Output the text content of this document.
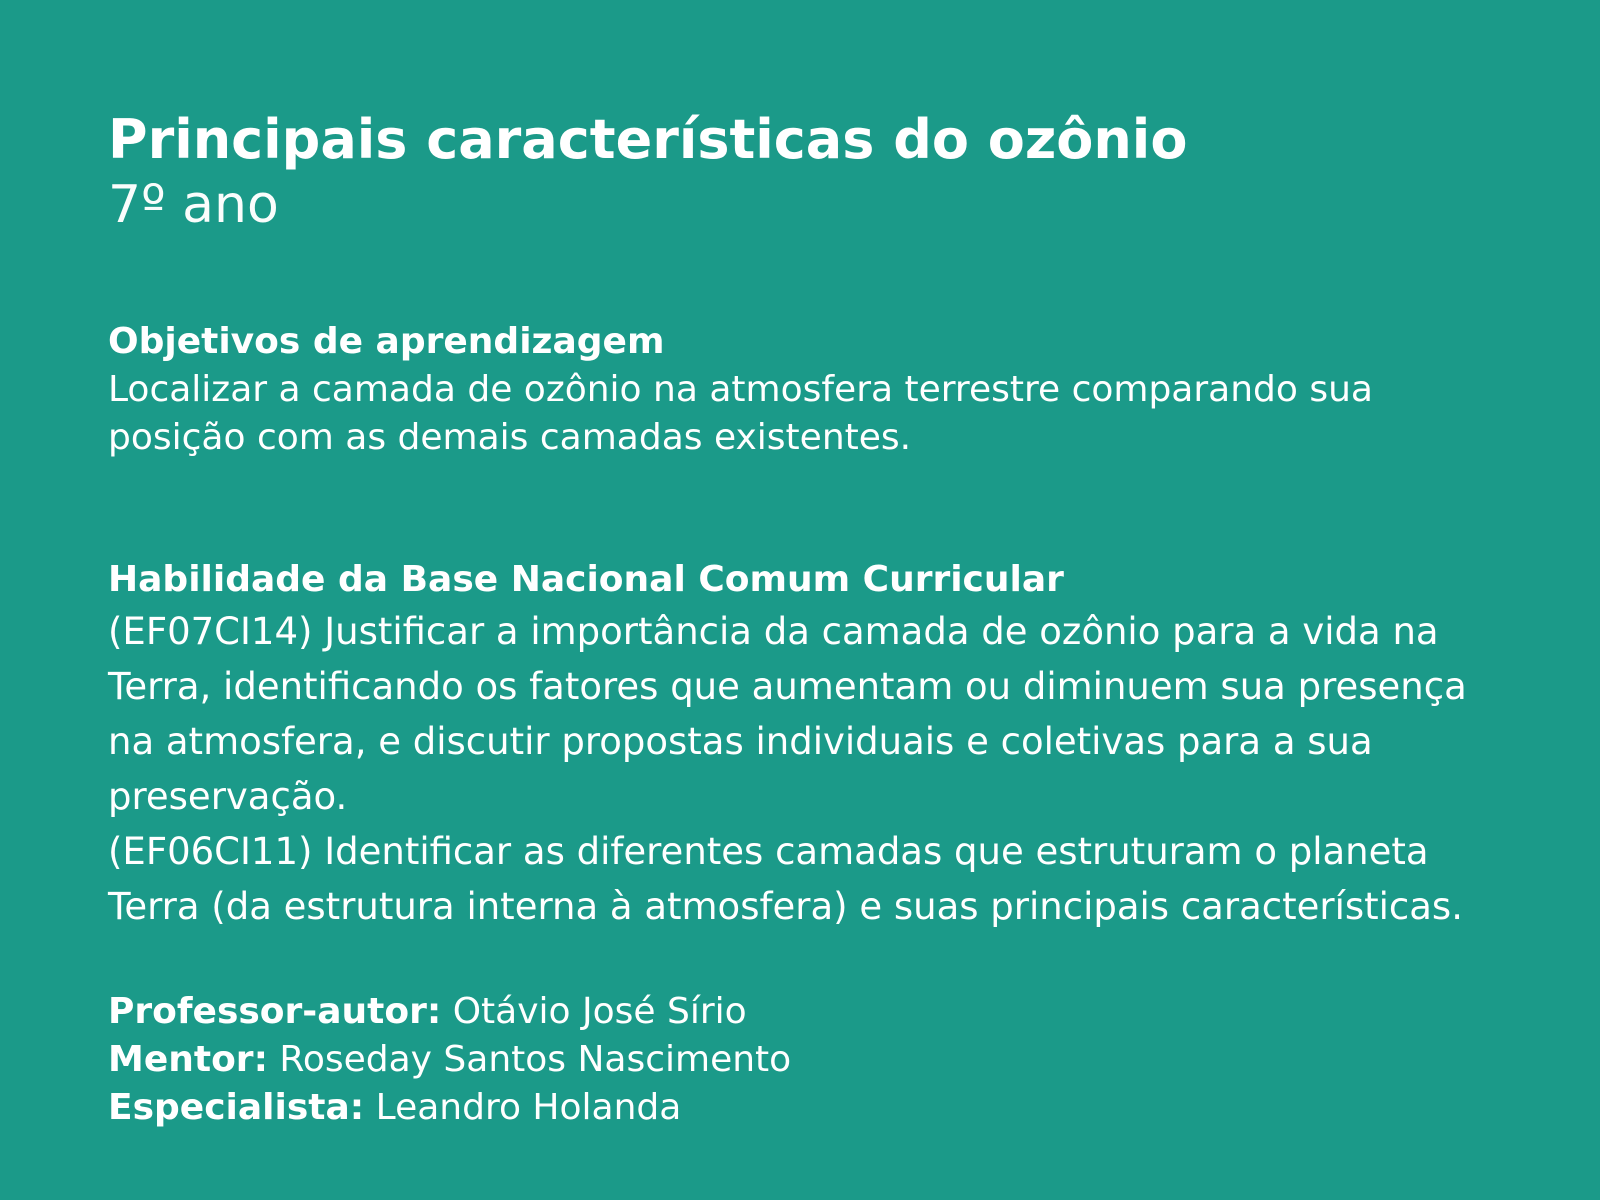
Principais características do ozônio

7º ano

Objetivos de aprendizagem

Localizar a camada de ozônio na atmosfera terrestre comparando sua posição com as demais camadas existentes.

Habilidade da Base Nacional Comum Curricular

(EF07CI14) Justificar a importância da camada de ozônio para a vida na Terra, identificando os fatores que aumentam ou diminuem sua presença na atmosfera, e discutir propostas individuais e coletivas para a sua preservação.

(EF06CI11) Identificar as diferentes camadas que estruturam o planeta Terra (da estrutura interna à atmosfera) e suas principais características.

Professor-autor: Otávio José Sírio

Mentor: Roseday Santos Nascimento

Especialista: Leandro Holanda
